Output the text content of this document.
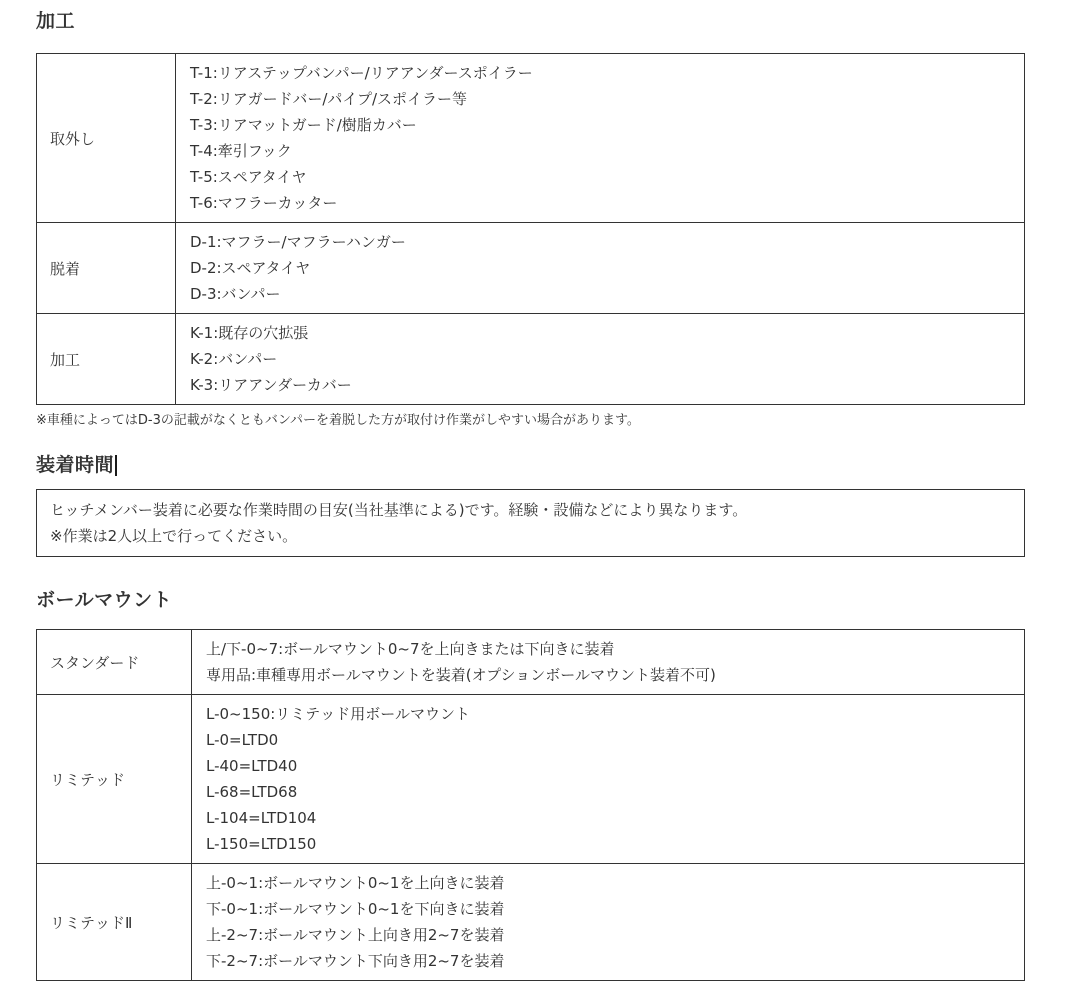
加工
取外し	
T-1:リアステップバンパー/リアアンダースポイラー
T-2:リアガードバー/パイプ/スポイラー等
T-3:リアマットガード/樹脂カバー
T-4:牽引フック
T-5:スペアタイヤ
T-6:マフラーカッター

脱着	D-1:マフラー/マフラーハンガー
D-2:スペアタイヤ
D-3:バンパー

加工	K-1:既存の穴拡張
K-2:バンパー
K-3:リアアンダーカバー
※車種によってはD-3の記載がなくともバンパーを着脱した方が取付け作業がしやすい場合があります。
装着時間
ヒッチメンバー装着に必要な作業時間の目安(当社基準による)です。経験・設備などにより異なります。
※作業は2人以上で行ってください。
ボールマウント
スタンダード	上/下-0~7:ボールマウント0~7を上向きまたは下向きに装着
専用品:車種専用ボールマウントを装着(オプションボールマウント装着不可)

リミテッド	
L-0~150:リミテッド用ボールマウント
L-0=LTD0
L-40=LTD40
L-68=LTD68
L-104=LTD104
L-150=LTD150

リミテッドⅡ	上-0~1:ボールマウント0~1を上向きに装着
下-0~1:ボールマウント0~1を下向きに装着
上-2~7:ボールマウント上向き用2~7を装着
下-2~7:ボールマウント下向き用2~7を装着
